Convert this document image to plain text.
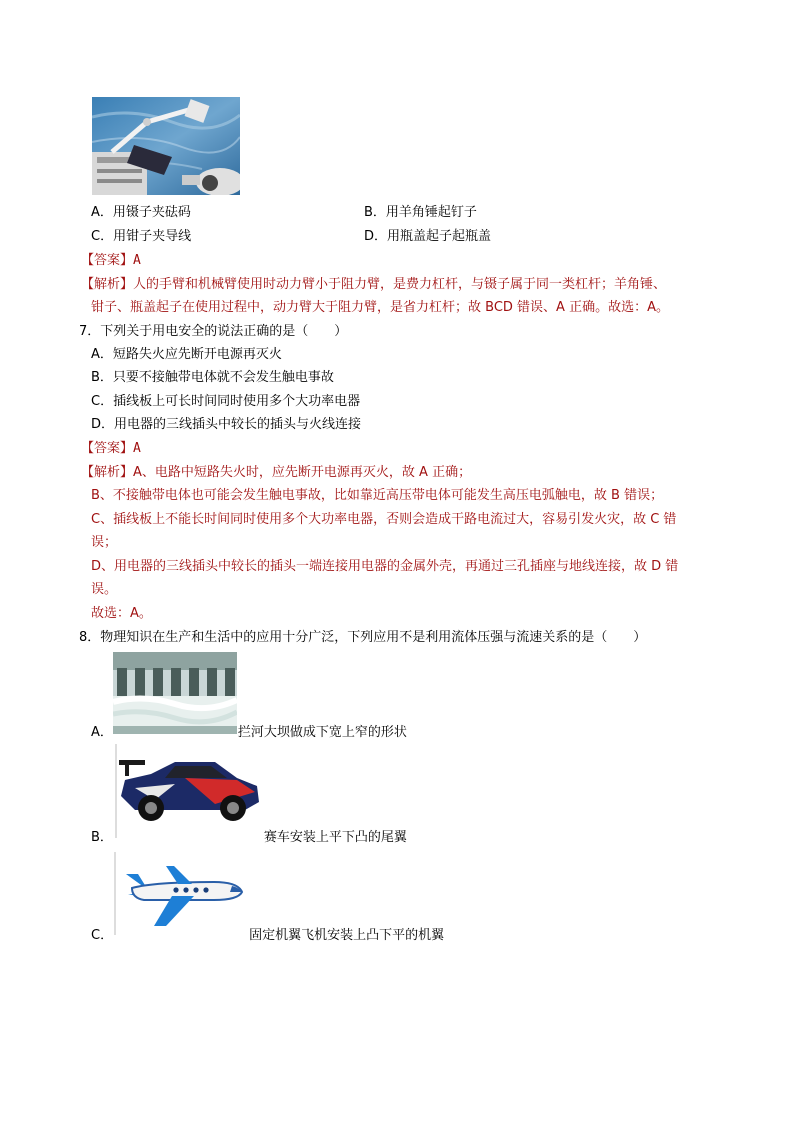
A．用镊子夹砝码	B．用羊角锤起钉子
C．用钳子夹导线	D．用瓶盖起子起瓶盖
【答案】A
【解析】人的手臂和机械臂使用时动力臂小于阻力臂，是费力杠杆，与镊子属于同一类杠杆；羊角锤、
钳子、瓶盖起子在使用过程中，动力臂大于阻力臂，是省力杠杆；故 BCD 错误、A 正确。故选：A。
7．下列关于用电安全的说法正确的是（　　）
A．短路失火应先断开电源再灭火
B．只要不接触带电体就不会发生触电事故
C．插线板上可长时间同时使用多个大功率电器
D．用电器的三线插头中较长的插头与火线连接
【答案】A
【解析】A、电路中短路失火时，应先断开电源再灭火，故 A 正确；
B、不接触带电体也可能会发生触电事故，比如靠近高压带电体可能发生高压电弧触电，故 B 错误；
C、插线板上不能长时间同时使用多个大功率电器，否则会造成干路电流过大，容易引发火灾，故 C 错
误；
D、用电器的三线插头中较长的插头一端连接用电器的金属外壳，再通过三孔插座与地线连接，故 D 错
误。
故选：A。
8．物理知识在生产和生活中的应用十分广泛，下列应用不是利用流体压强与流速关系的是（　　）
A．	拦河大坝做成下宽上窄的形状
B．	赛车安装上平下凸的尾翼
C．	固定机翼飞机安装上凸下平的机翼
